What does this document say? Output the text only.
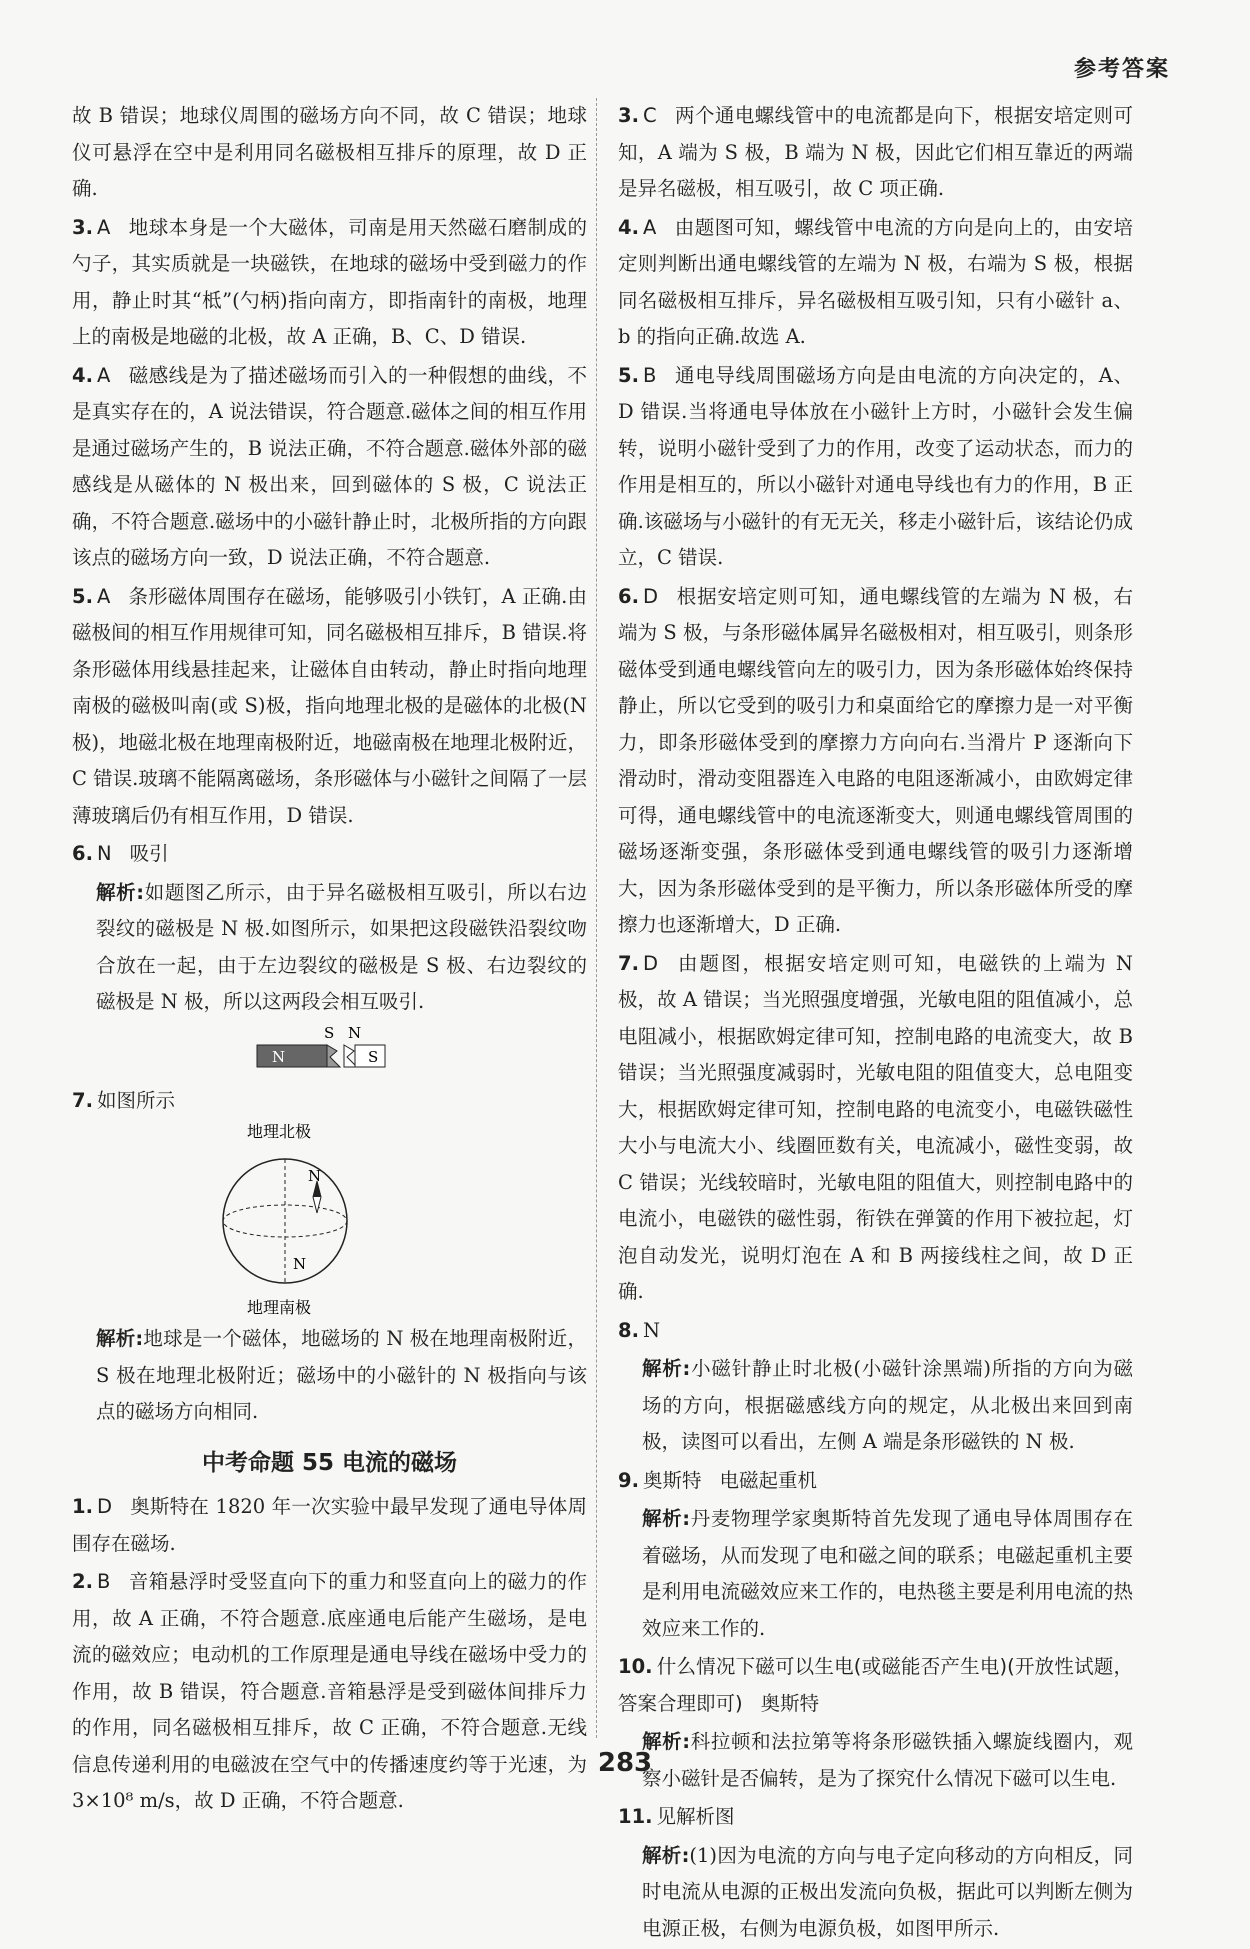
参考答案

故 B 错误；地球仪周围的磁场方向不同，故 C 错误；地球仪可悬浮在空中是利用同名磁极相互排斥的原理，故 D 正确.

3. A 地球本身是一个大磁体，司南是用天然磁石磨制成的勺子，其实质就是一块磁铁，在地球的磁场中受到磁力的作用，静止时其“柢”(勺柄)指向南方，即指南针的南极，地理上的南极是地磁的北极，故 A 正确，B、C、D 错误.

4. A 磁感线是为了描述磁场而引入的一种假想的曲线，不是真实存在的，A 说法错误，符合题意.磁体之间的相互作用是通过磁场产生的，B 说法正确，不符合题意.磁体外部的磁感线是从磁体的 N 极出来，回到磁体的 S 极，C 说法正确，不符合题意.磁场中的小磁针静止时，北极所指的方向跟该点的磁场方向一致，D 说法正确，不符合题意.

5. A 条形磁体周围存在磁场，能够吸引小铁钉，A 正确.由磁极间的相互作用规律可知，同名磁极相互排斥，B 错误.将条形磁体用线悬挂起来，让磁体自由转动，静止时指向地理南极的磁极叫南(或 S)极，指向地理北极的是磁体的北极(N 极)，地磁北极在地理南极附近，地磁南极在地理北极附近，C 错误.玻璃不能隔离磁场，条形磁体与小磁针之间隔了一层薄玻璃后仍有相互作用，D 错误.

6. N 吸引

解析:如题图乙所示，由于异名磁极相互吸引，所以右边裂纹的磁极是 N 极.如图所示，如果把这段磁铁沿裂纹吻合放在一起，由于左边裂纹的磁极是 S 极、右边裂纹的磁极是 N 极，所以这两段会相互吸引.

N	S
S N

7. 如图所示

地理北极
N
N
地理南极

解析:地球是一个磁体，地磁场的 N 极在地理南极附近，S 极在地理北极附近；磁场中的小磁针的 N 极指向与该点的磁场方向相同.

中考命题 55 电流的磁场

1. D 奥斯特在 1820 年一次实验中最早发现了通电导体周围存在磁场.

2. B 音箱悬浮时受竖直向下的重力和竖直向上的磁力的作用，故 A 正确，不符合题意.底座通电后能产生磁场，是电流的磁效应；电动机的工作原理是通电导线在磁场中受力的作用，故 B 错误，符合题意.音箱悬浮是受到磁体间排斥力的作用，同名磁极相互排斥，故 C 正确，不符合题意.无线信息传递利用的电磁波在空气中的传播速度约等于光速，为 3×10⁸ m/s，故 D 正确，不符合题意.

3. C 两个通电螺线管中的电流都是向下，根据安培定则可知，A 端为 S 极，B 端为 N 极，因此它们相互靠近的两端是异名磁极，相互吸引，故 C 项正确.

4. A 由题图可知，螺线管中电流的方向是向上的，由安培定则判断出通电螺线管的左端为 N 极，右端为 S 极，根据同名磁极相互排斥，异名磁极相互吸引知，只有小磁针 a、b 的指向正确.故选 A.

5. B 通电导线周围磁场方向是由电流的方向决定的，A、D 错误.当将通电导体放在小磁针上方时，小磁针会发生偏转，说明小磁针受到了力的作用，改变了运动状态，而力的作用是相互的，所以小磁针对通电导线也有力的作用，B 正确.该磁场与小磁针的有无无关，移走小磁针后，该结论仍成立，C 错误.

6. D 根据安培定则可知，通电螺线管的左端为 N 极，右端为 S 极，与条形磁体属异名磁极相对，相互吸引，则条形磁体受到通电螺线管向左的吸引力，因为条形磁体始终保持静止，所以它受到的吸引力和桌面给它的摩擦力是一对平衡力，即条形磁体受到的摩擦力方向向右.当滑片 P 逐渐向下滑动时，滑动变阻器连入电路的电阻逐渐减小，由欧姆定律可得，通电螺线管中的电流逐渐变大，则通电螺线管周围的磁场逐渐变强，条形磁体受到通电螺线管的吸引力逐渐增大，因为条形磁体受到的是平衡力，所以条形磁体所受的摩擦力也逐渐增大，D 正确.

7. D 由题图，根据安培定则可知，电磁铁的上端为 N 极，故 A 错误；当光照强度增强，光敏电阻的阻值减小，总电阻减小，根据欧姆定律可知，控制电路的电流变大，故 B 错误；当光照强度减弱时，光敏电阻的阻值变大，总电阻变大，根据欧姆定律可知，控制电路的电流变小，电磁铁磁性大小与电流大小、线圈匝数有关，电流减小，磁性变弱，故 C 错误；光线较暗时，光敏电阻的阻值大，则控制电路中的电流小，电磁铁的磁性弱，衔铁在弹簧的作用下被拉起，灯泡自动发光，说明灯泡在 A 和 B 两接线柱之间，故 D 正确.

8. N

解析:小磁针静止时北极(小磁针涂黑端)所指的方向为磁场的方向，根据磁感线方向的规定，从北极出来回到南极，读图可以看出，左侧 A 端是条形磁铁的 N 极.

9. 奥斯特 电磁起重机

解析:丹麦物理学家奥斯特首先发现了通电导体周围存在着磁场，从而发现了电和磁之间的联系；电磁起重机主要是利用电流磁效应来工作的，电热毯主要是利用电流的热效应来工作的.

10. 什么情况下磁可以生电(或磁能否产生电)(开放性试题，答案合理即可) 奥斯特

解析:科拉顿和法拉第等将条形磁铁插入螺旋线圈内，观察小磁针是否偏转，是为了探究什么情况下磁可以生电.

11. 见解析图

解析:(1)因为电流的方向与电子定向移动的方向相反，同时电流从电源的正极出发流向负极，据此可以判断左侧为电源正极，右侧为电源负极，如图甲所示.

283
